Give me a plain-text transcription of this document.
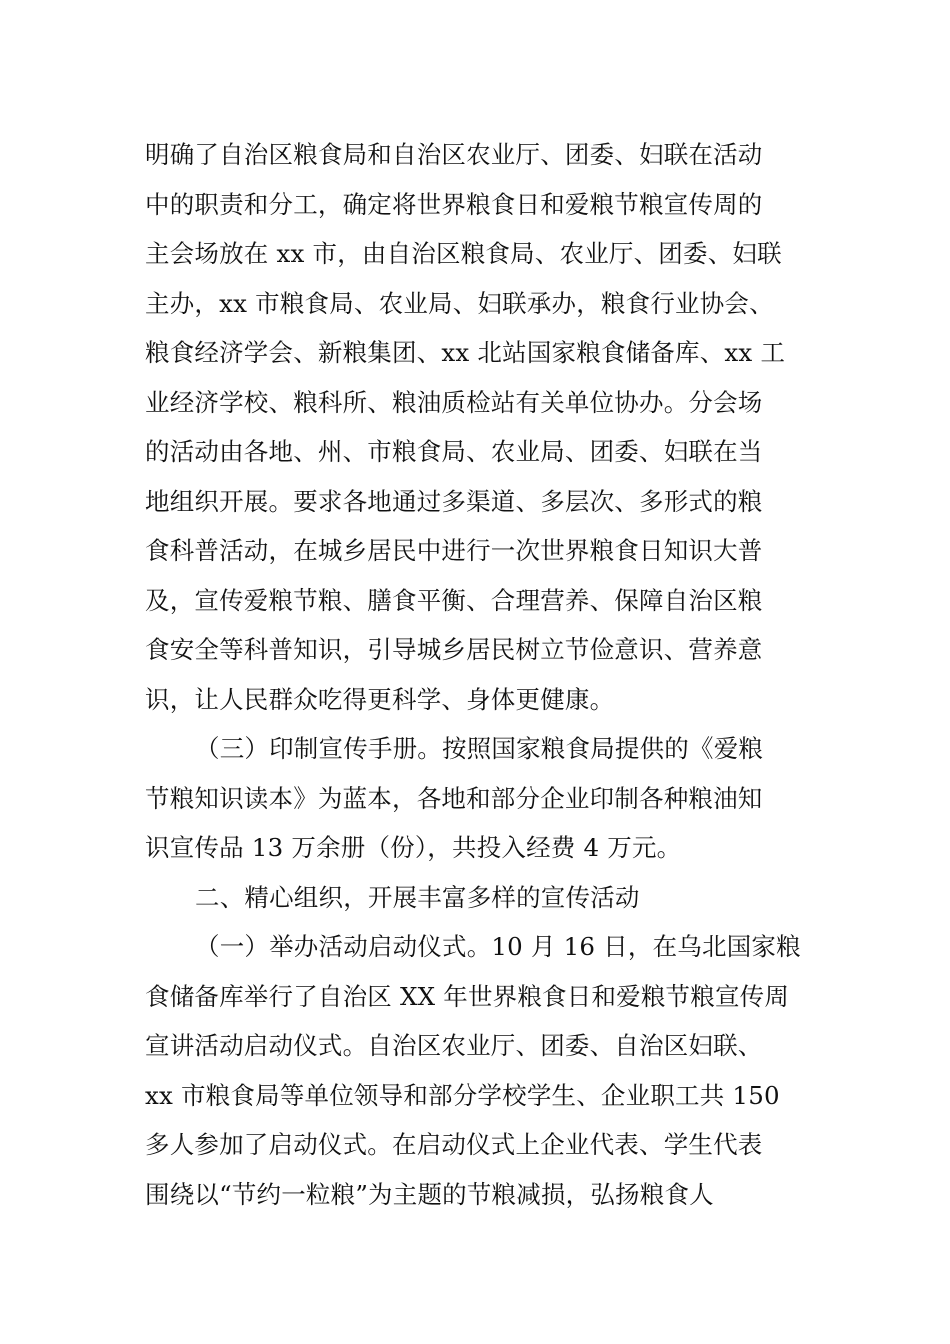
明确了自治区粮食局和自治区农业厅、团委、妇联在活动
中的职责和分工，确定将世界粮食日和爱粮节粮宣传周的
主会场放在 xx 市，由自治区粮食局、农业厅、团委、妇联
主办，xx 市粮食局、农业局、妇联承办，粮食行业协会、
粮食经济学会、新粮集团、xx 北站国家粮食储备库、xx 工
业经济学校、粮科所、粮油质检站有关单位协办。分会场
的活动由各地、州、市粮食局、农业局、团委、妇联在当
地组织开展。要求各地通过多渠道、多层次、多形式的粮
食科普活动，在城乡居民中进行一次世界粮食日知识大普
及，宣传爱粮节粮、膳食平衡、合理营养、保障自治区粮
食安全等科普知识，引导城乡居民树立节俭意识、营养意
识，让人民群众吃得更科学、身体更健康。
（三）印制宣传手册。按照国家粮食局提供的《爱粮
节粮知识读本》为蓝本，各地和部分企业印制各种粮油知
识宣传品 13 万余册（份），共投入经费 4 万元。
二、精心组织，开展丰富多样的宣传活动
（一）举办活动启动仪式。10 月 16 日，在乌北国家粮
食储备库举行了自治区 XX 年世界粮食日和爱粮节粮宣传周
宣讲活动启动仪式。自治区农业厅、团委、自治区妇联、
xx 市粮食局等单位领导和部分学校学生、企业职工共 150
多人参加了启动仪式。在启动仪式上企业代表、学生代表
围绕以“节约一粒粮”为主题的节粮减损，弘扬粮食人
